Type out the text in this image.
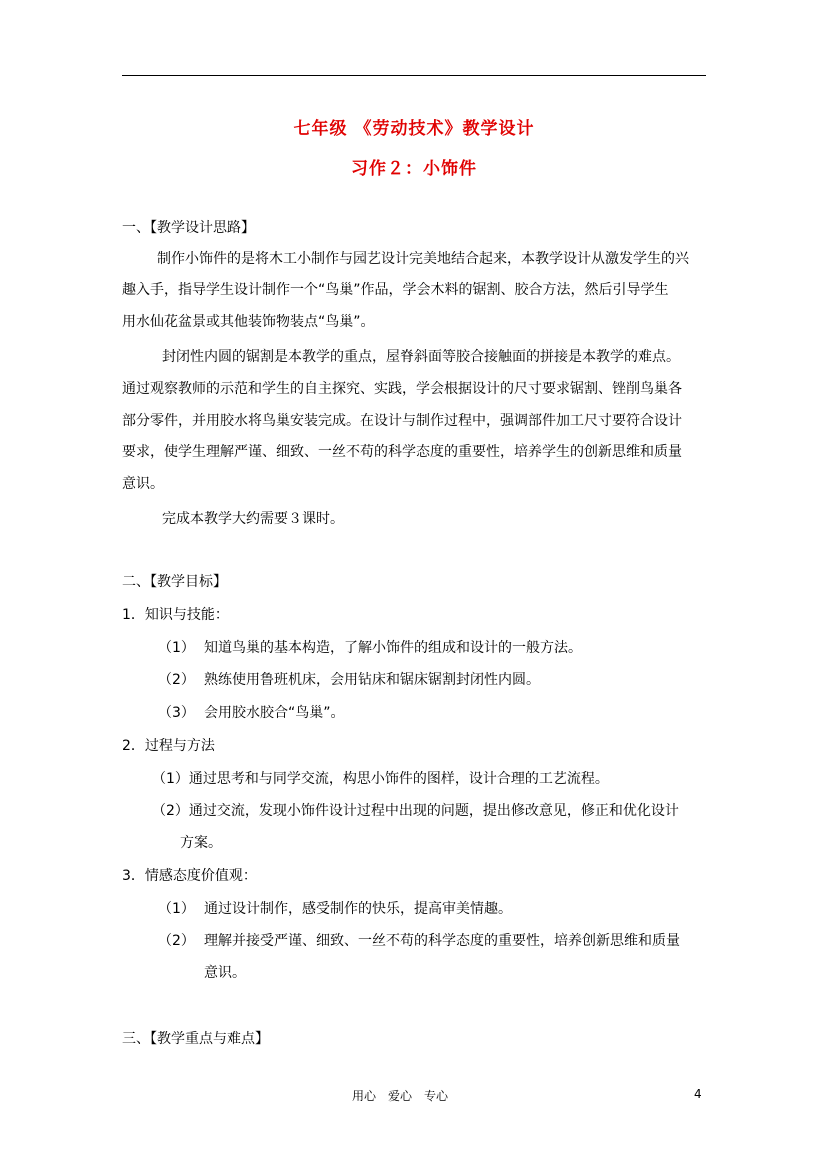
七年级 《劳动技术》教学设计
习作２：小饰件
一、【教学设计思路】
制作小饰件的是将木工小制作与园艺设计完美地结合起来，本教学设计从激发学生的兴
趣入手，指导学生设计制作一个“鸟巢”作品，学会木料的锯割、胶合方法，然后引导学生
用水仙花盆景或其他装饰物装点“鸟巢”。
封闭性内圆的锯割是本教学的重点，屋脊斜面等胶合接触面的拼接是本教学的难点。
通过观察教师的示范和学生的自主探究、实践，学会根据设计的尺寸要求锯割、锉削鸟巢各
部分零件，并用胶水将鸟巢安装完成。在设计与制作过程中，强调部件加工尺寸要符合设计
要求，使学生理解严谨、细致、一丝不苟的科学态度的重要性，培养学生的创新思维和质量
意识。
完成本教学大约需要３课时。
二、【教学目标】
1．知识与技能：
（1） 知道鸟巢的基本构造，了解小饰件的组成和设计的一般方法。
（2） 熟练使用鲁班机床，会用钻床和锯床锯割封闭性内圆。
（3） 会用胶水胶合“鸟巢”。
2．过程与方法
（1）通过思考和与同学交流，构思小饰件的图样，设计合理的工艺流程。
（2）通过交流，发现小饰件设计过程中出现的问题，提出修改意见，修正和优化设计
方案。
3．情感态度价值观：
（1） 通过设计制作，感受制作的快乐，提高审美情趣。
（2） 理解并接受严谨、细致、一丝不苟的科学态度的重要性，培养创新思维和质量
意识。
三、【教学重点与难点】
用心　爱心　专心	4
